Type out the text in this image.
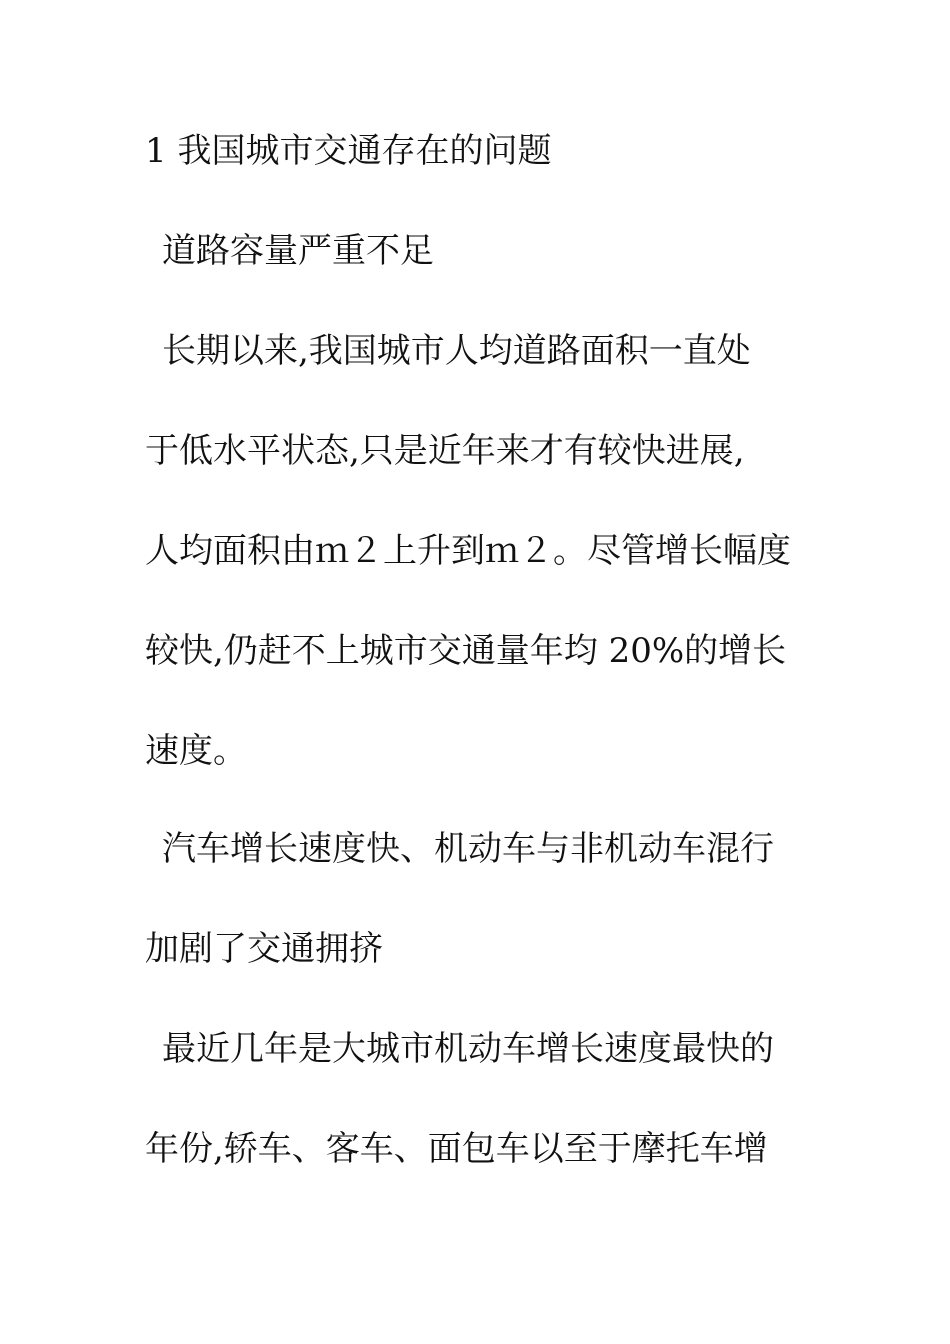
1 我国城市交通存在的问题
道路容量严重不足
长期以来,我国城市人均道路面积一直处
于低水平状态,只是近年来才有较快进展,
人均面积由ｍ２上升到ｍ２。尽管增长幅度
较快,仍赶不上城市交通量年均 20%的增长
速度。
汽车增长速度快、机动车与非机动车混行
加剧了交通拥挤
最近几年是大城市机动车增长速度最快的
年份,轿车、客车、面包车以至于摩托车增
